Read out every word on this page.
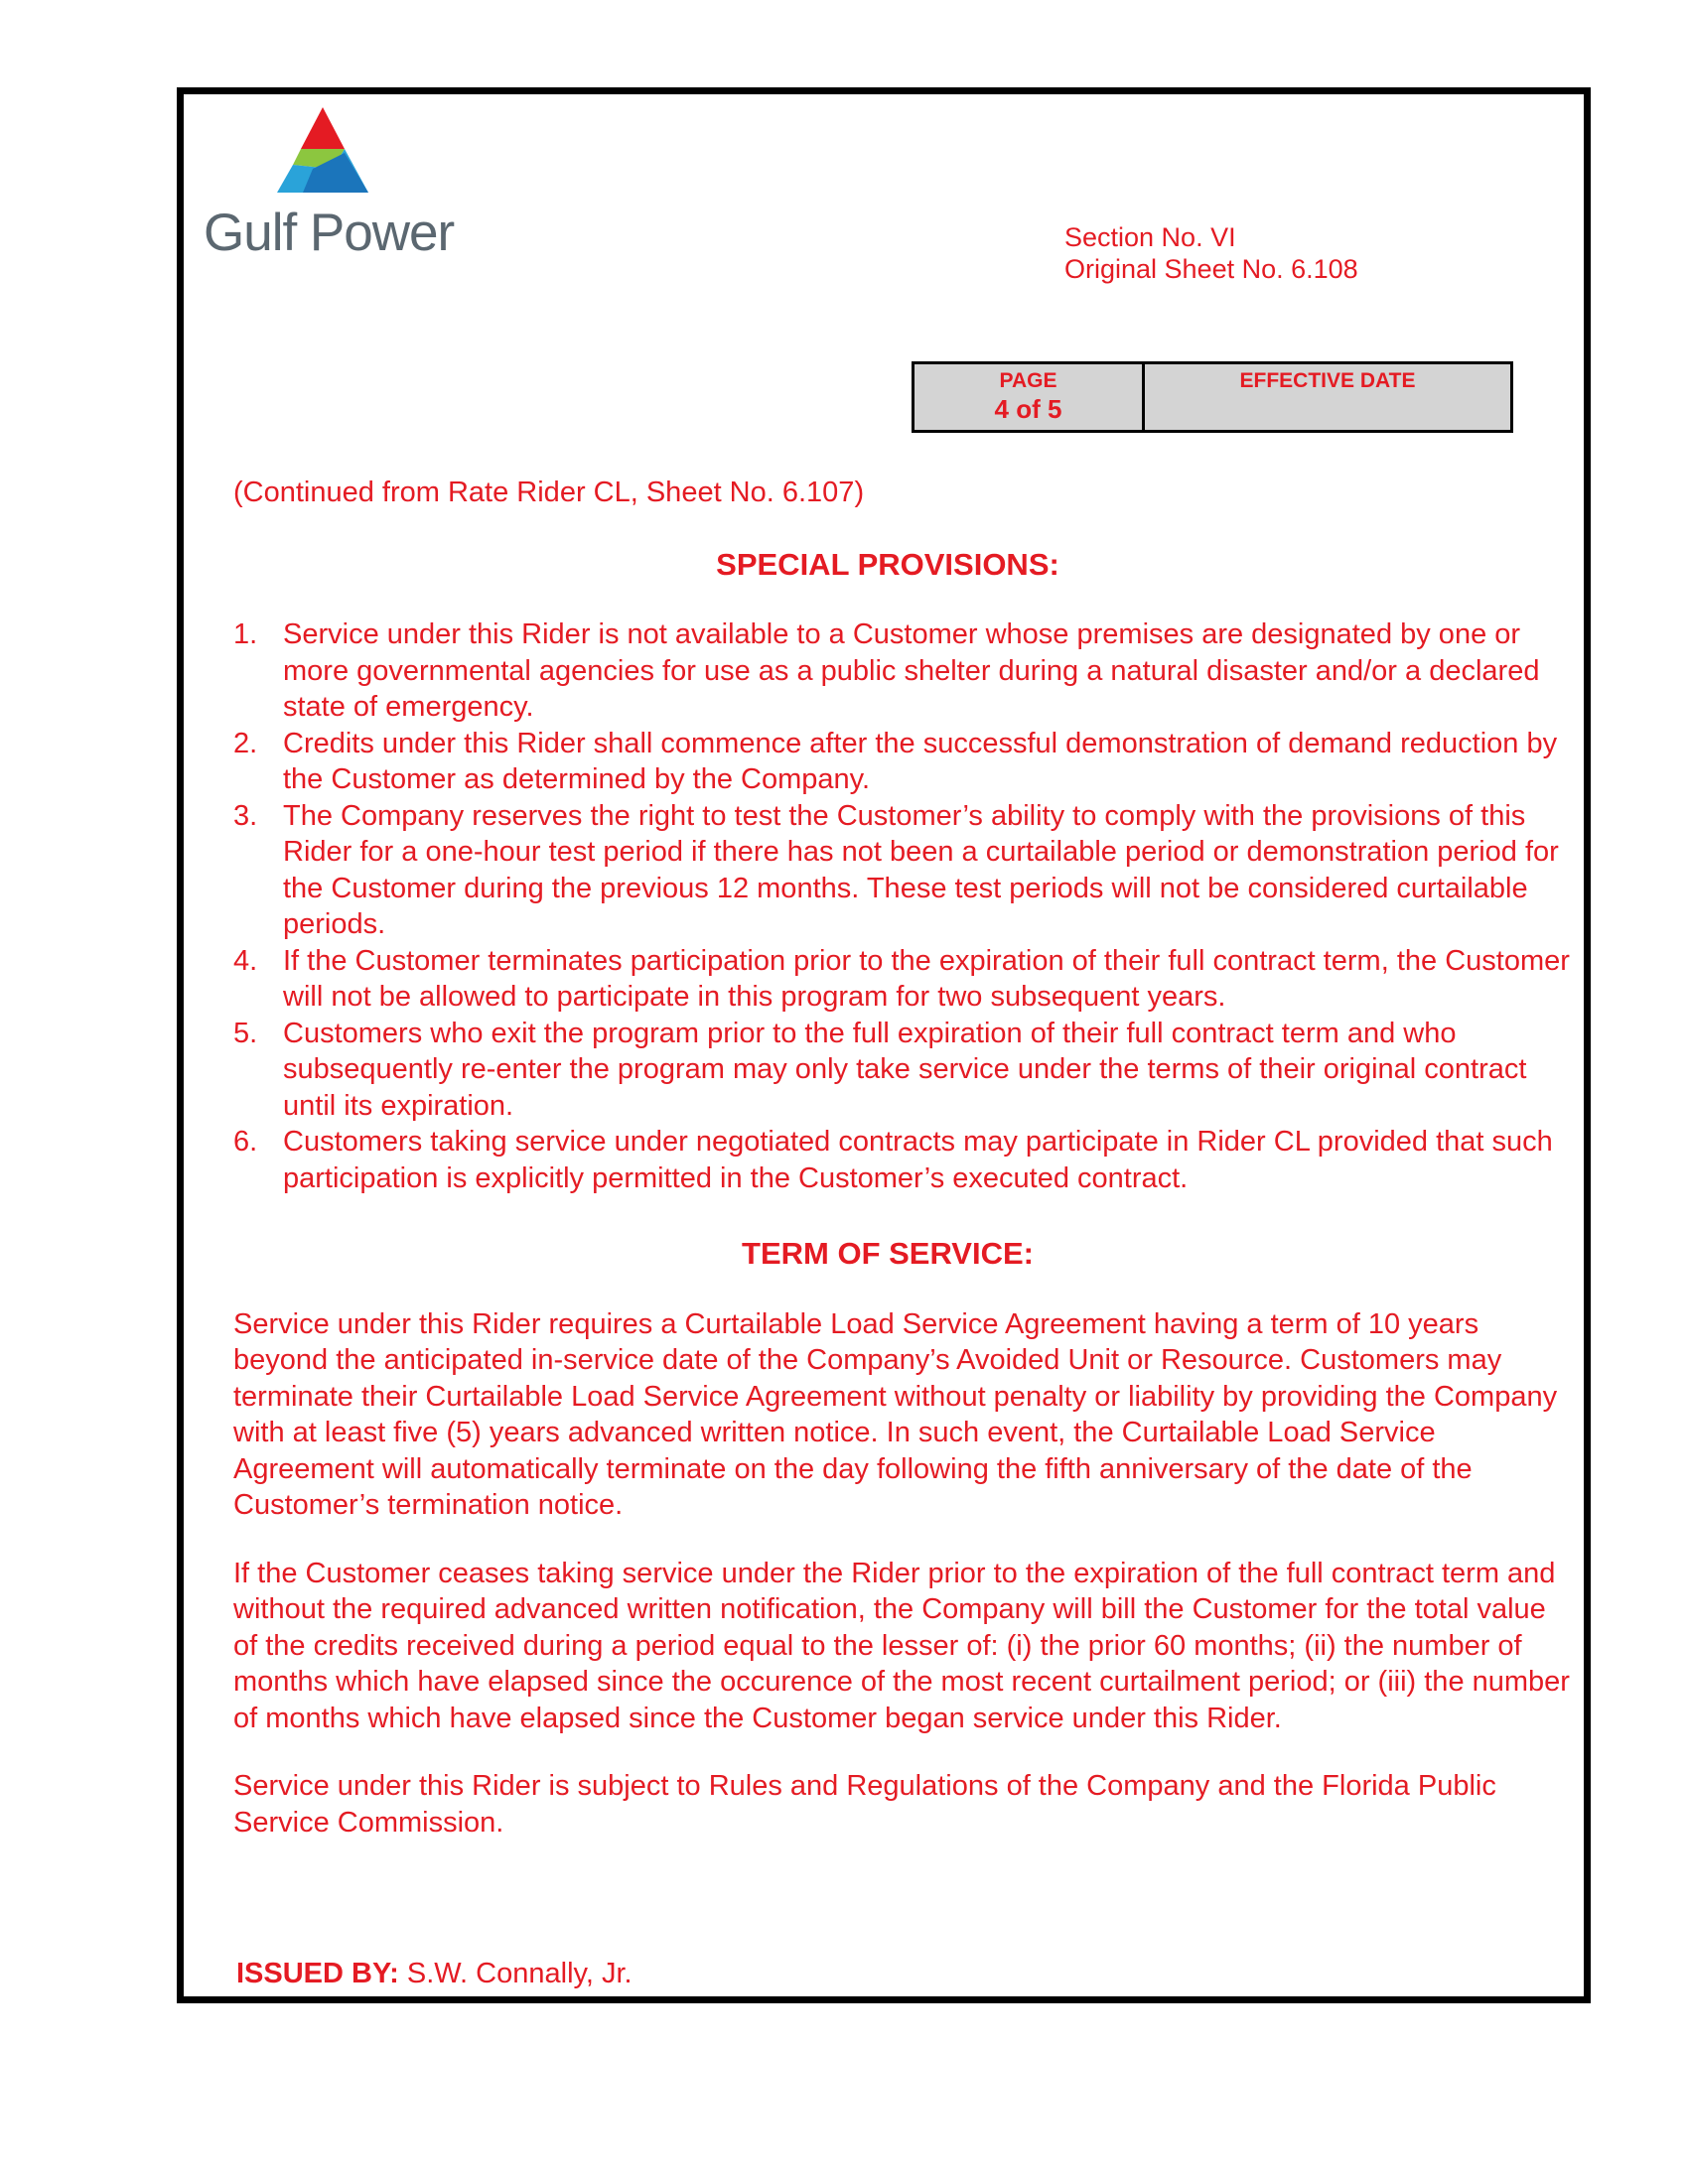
Gulf Power	Section No. VI
Original Sheet No. 6.108
PAGE
4 of 5
EFFECTIVE DATE

(Continued from Rate Rider CL, Sheet No. 6.107)

SPECIAL PROVISIONS:
1. Service under this Rider is not available to a Customer whose premises are designated by one or more governmental agencies for use as a public shelter during a natural disaster and/or a declared state of emergency.
2. Credits under this Rider shall commence after the successful demonstration of demand reduction by the Customer as determined by the Company.
3. The Company reserves the right to test the Customer’s ability to comply with the provisions of this Rider for a one-hour test period if there has not been a curtailable period or demonstration period for the Customer during the previous 12 months. These test periods will not be considered curtailable periods.
4. If the Customer terminates participation prior to the expiration of their full contract term, the Customer will not be allowed to participate in this program for two subsequent years.
5. Customers who exit the program prior to the full expiration of their full contract term and who subsequently re-enter the program may only take service under the terms of their original contract until its expiration.
6. Customers taking service under negotiated contracts may participate in Rider CL provided that such participation is explicitly permitted in the Customer’s executed contract.
TERM OF SERVICE:

Service under this Rider requires a Curtailable Load Service Agreement having a term of 10 years beyond the anticipated in-service date of the Company’s Avoided Unit or Resource. Customers may terminate their Curtailable Load Service Agreement without penalty or liability by providing the Company with at least five (5) years advanced written notice. In such event, the Curtailable Load Service Agreement will automatically terminate on the day following the fifth anniversary of the date of the Customer’s termination notice.

If the Customer ceases taking service under the Rider prior to the expiration of the full contract term and without the required advanced written notification, the Company will bill the Customer for the total value of the credits received during a period equal to the lesser of: (i) the prior 60 months; (ii) the number of months which have elapsed since the occurence of the most recent curtailment period; or (iii) the number of months which have elapsed since the Customer began service under this Rider.

Service under this Rider is subject to Rules and Regulations of the Company and the Florida Public Service Commission.

ISSUED BY: S.W. Connally, Jr.
